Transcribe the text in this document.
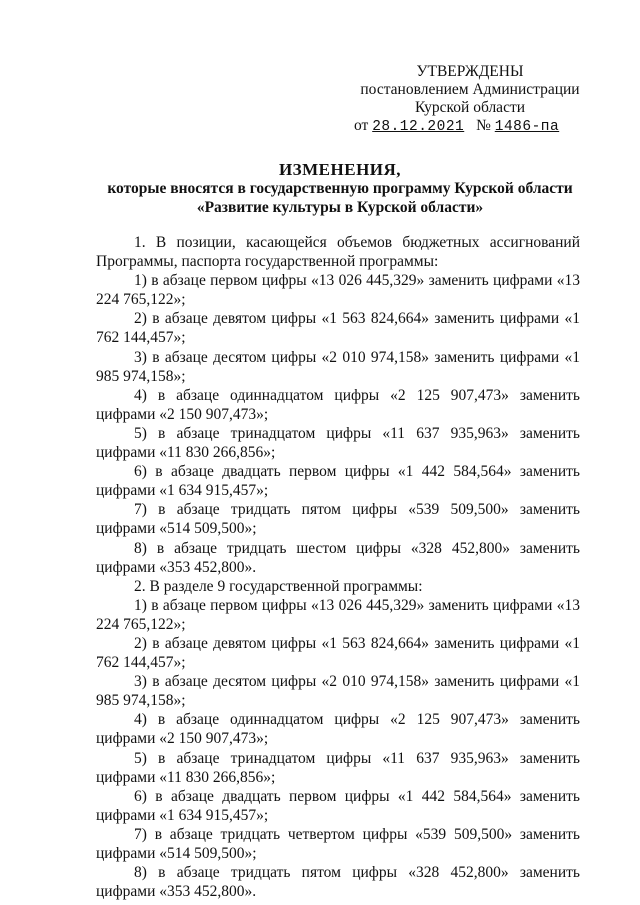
УТВЕРЖДЕНЫ
постановлением Администрации
Курской области
от 28.12.2021 № 1486-па
ИЗМЕНЕНИЯ,
которые вносятся в государственную программу Курской области
«Развитие культуры в Курской области»

1. В позиции, касающейся объемов бюджетных ассигнований Программы, паспорта государственной программы:

1) в абзаце первом цифры «13 026 445,329» заменить цифрами «13 224 765,122»;

2) в абзаце девятом цифры «1 563 824,664» заменить цифрами «1 762 144,457»;

3) в абзаце десятом цифры «2 010 974,158» заменить цифрами «1 985 974,158»;

4) в абзаце одиннадцатом цифры «2 125 907,473» заменить цифрами «2 150 907,473»;

5) в абзаце тринадцатом цифры «11 637 935,963» заменить цифрами «11 830 266,856»;

6) в абзаце двадцать первом цифры «1 442 584,564» заменить цифрами «1 634 915,457»;

7) в абзаце тридцать пятом цифры «539 509,500» заменить цифрами «514 509,500»;

8) в абзаце тридцать шестом цифры «328 452,800» заменить цифрами «353 452,800».

2. В разделе 9 государственной программы:

1) в абзаце первом цифры «13 026 445,329» заменить цифрами «13 224 765,122»;

2) в абзаце девятом цифры «1 563 824,664» заменить цифрами «1 762 144,457»;

3) в абзаце десятом цифры «2 010 974,158» заменить цифрами «1 985 974,158»;

4) в абзаце одиннадцатом цифры «2 125 907,473» заменить цифрами «2 150 907,473»;

5) в абзаце тринадцатом цифры «11 637 935,963» заменить цифрами «11 830 266,856»;

6) в абзаце двадцать первом цифры «1 442 584,564» заменить цифрами «1 634 915,457»;

7) в абзаце тридцать четвертом цифры «539 509,500» заменить цифрами «514 509,500»;

8) в абзаце тридцать пятом цифры «328 452,800» заменить цифрами «353 452,800».
